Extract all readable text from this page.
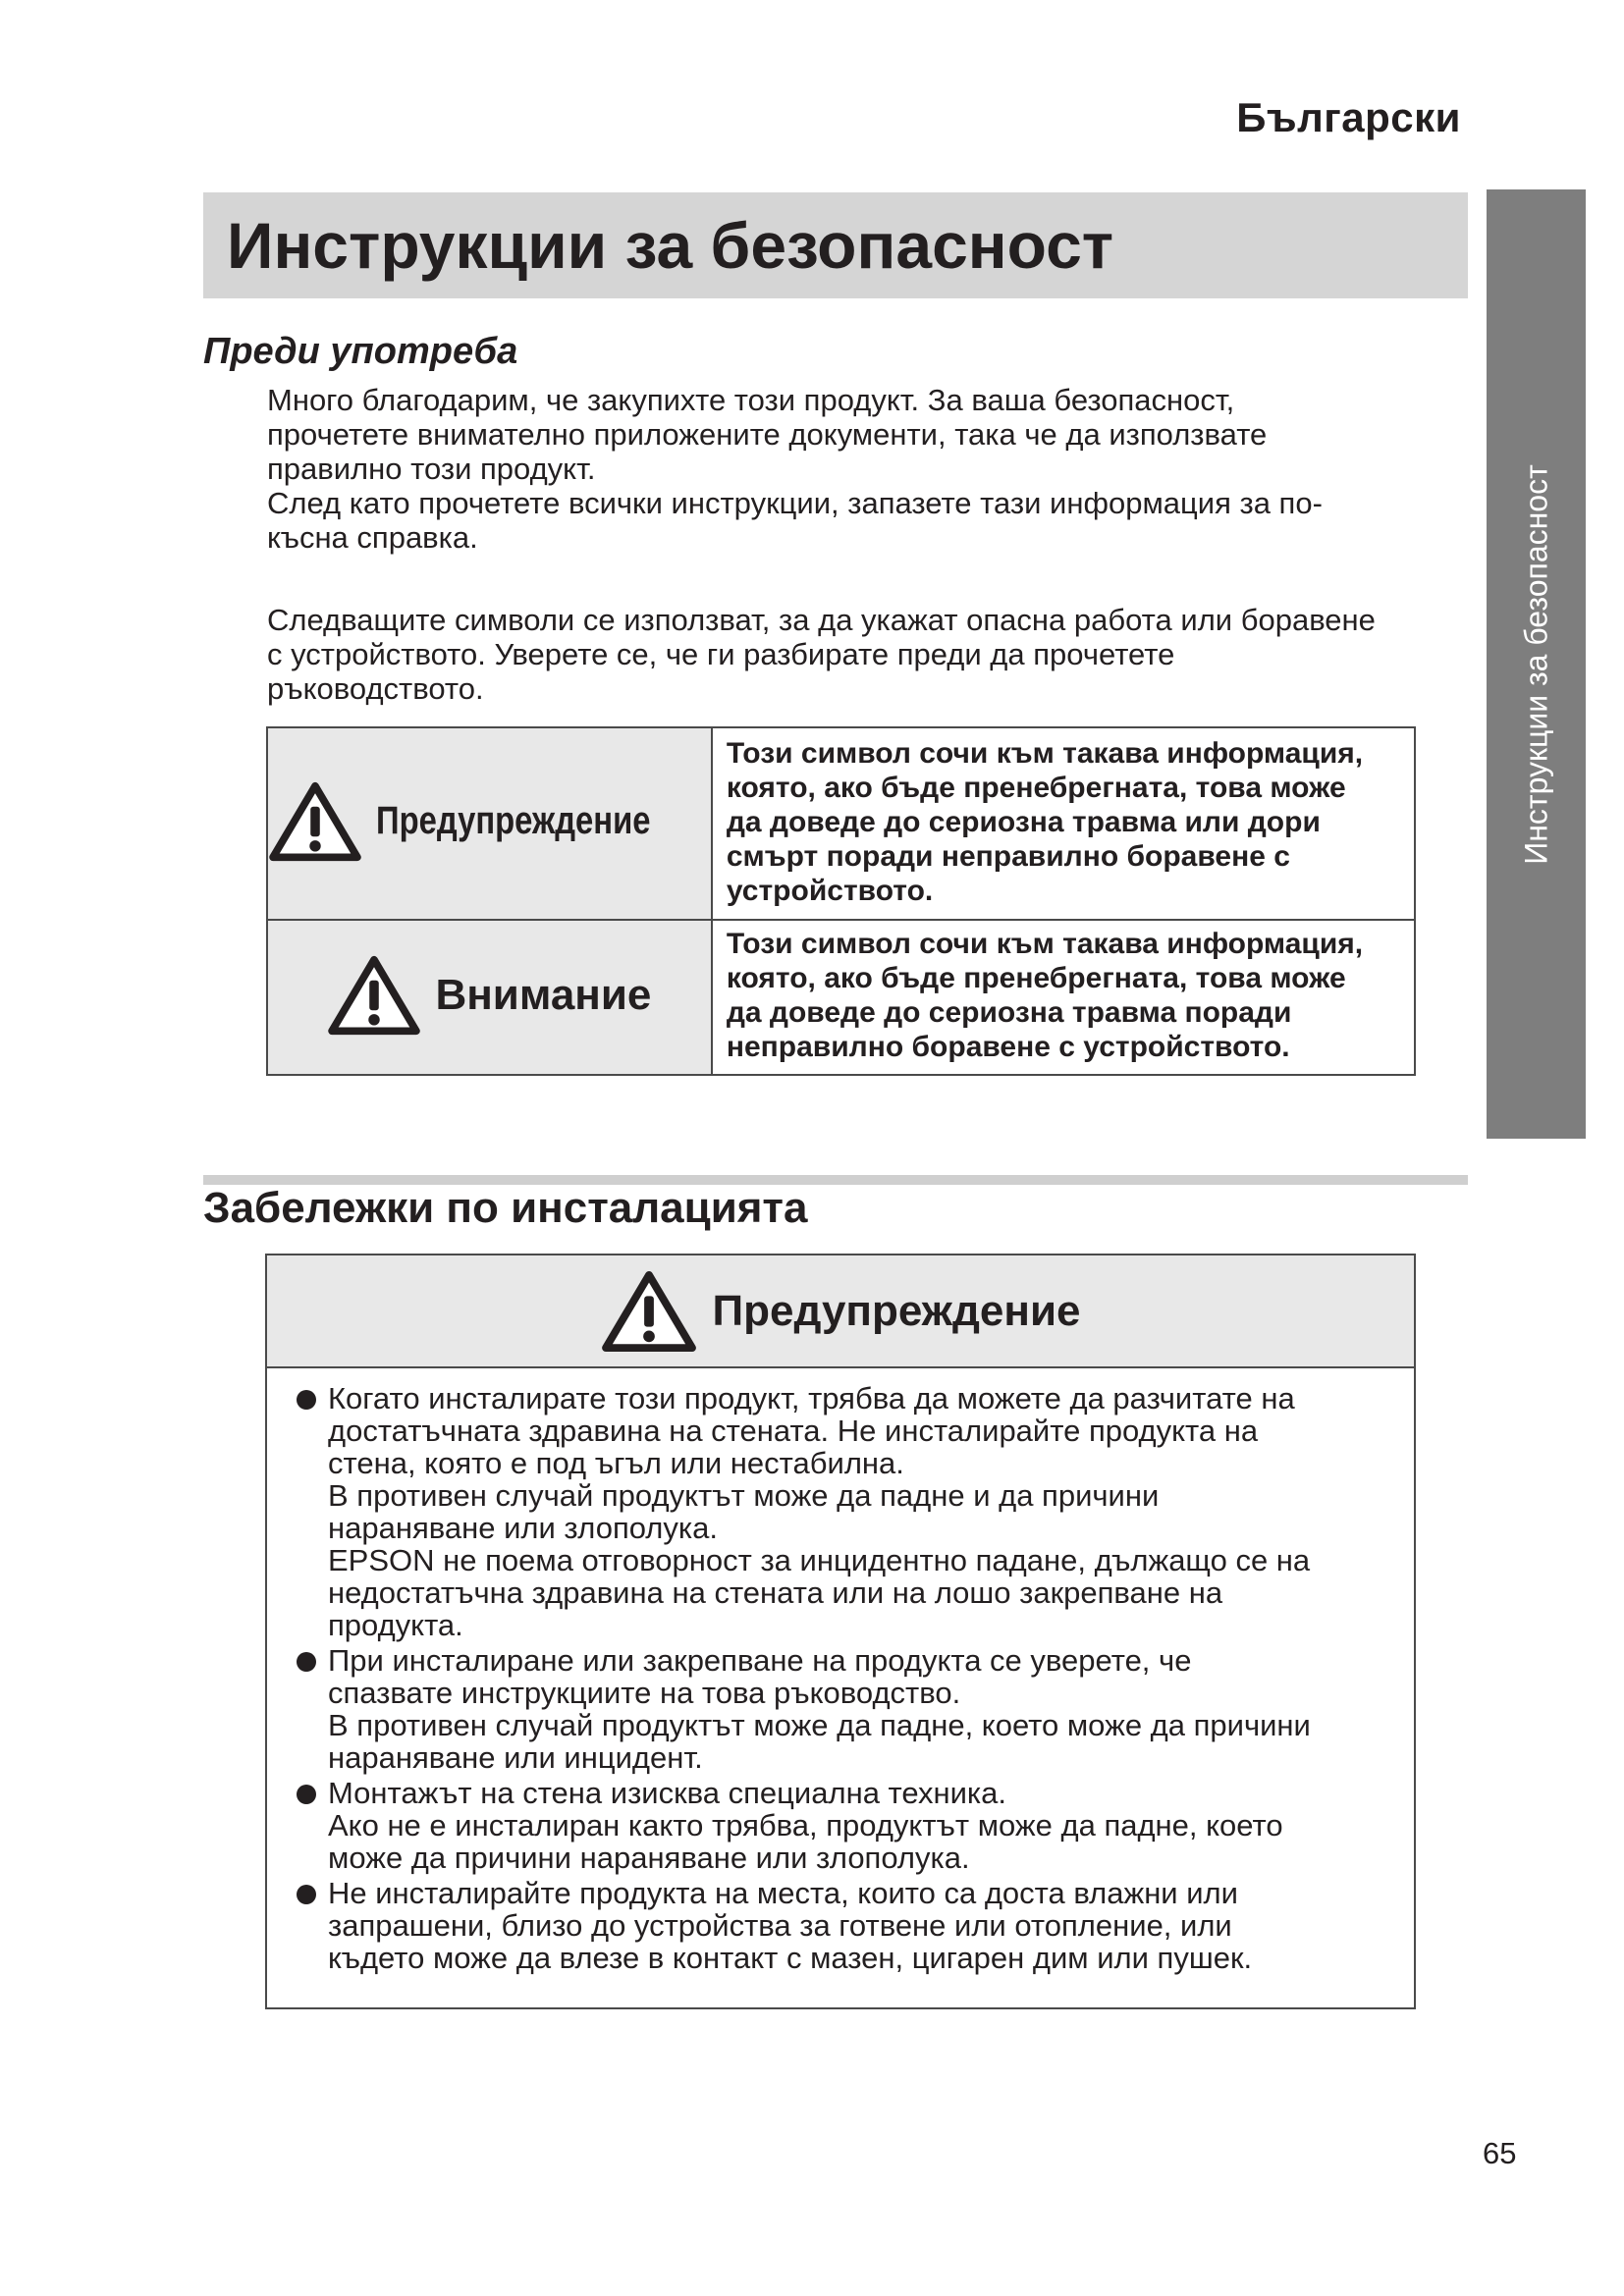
Български
Инструкции за безопасност
Инструкции за безопасност
Преди употреба

Много благодарим, че закупихте този продукт. За ваша безопасност,
прочетете внимателно приложените документи, така че да използвате
правилно този продукт.
След като прочетете всички инструкции, запазете тази информация за по-
късна справка.

Следващите символи се използват, за да укажат опасна работа или боравене
с устройството. Уверете се, че ги разбирате преди да прочетете
ръководството.

Предупреждение	Този символ сочи към такава информация,
която, ако бъде пренебрегната, това може
да доведе до сериозна травма или дори
смърт поради неправилно боравене с
устройството.

Внимание	Този символ сочи към такава информация,
която, ако бъде пренебрегната, това може
да доведе до сериозна травма поради
неправилно боравене с устройството.
Забележки по инсталацията
Предупреждение
Когато инсталирате този продукт, трябва да можете да разчитате на
достатъчната здравина на стената. Не инсталирайте продукта на
стена, която е под ъгъл или нестабилна.
В противен случай продуктът може да падне и да причини
нараняване или злополука.
EPSON не поема отговорност за инцидентно падане, дължащо се на
недостатъчна здравина на стената или на лошо закрепване на
продукта.
При инсталиране или закрепване на продукта се уверете, че
спазвате инструкциите на това ръководство.
В противен случай продуктът може да падне, което може да причини
нараняване или инцидент.
Монтажът на стена изисква специална техника.
Ако не е инсталиран както трябва, продуктът може да падне, което
може да причини нараняване или злополука.
Не инсталирайте продукта на места, които са доста влажни или
запрашени, близо до устройства за готвене или отопление, или
където може да влезе в контакт с мазен, цигарен дим или пушек.
65
